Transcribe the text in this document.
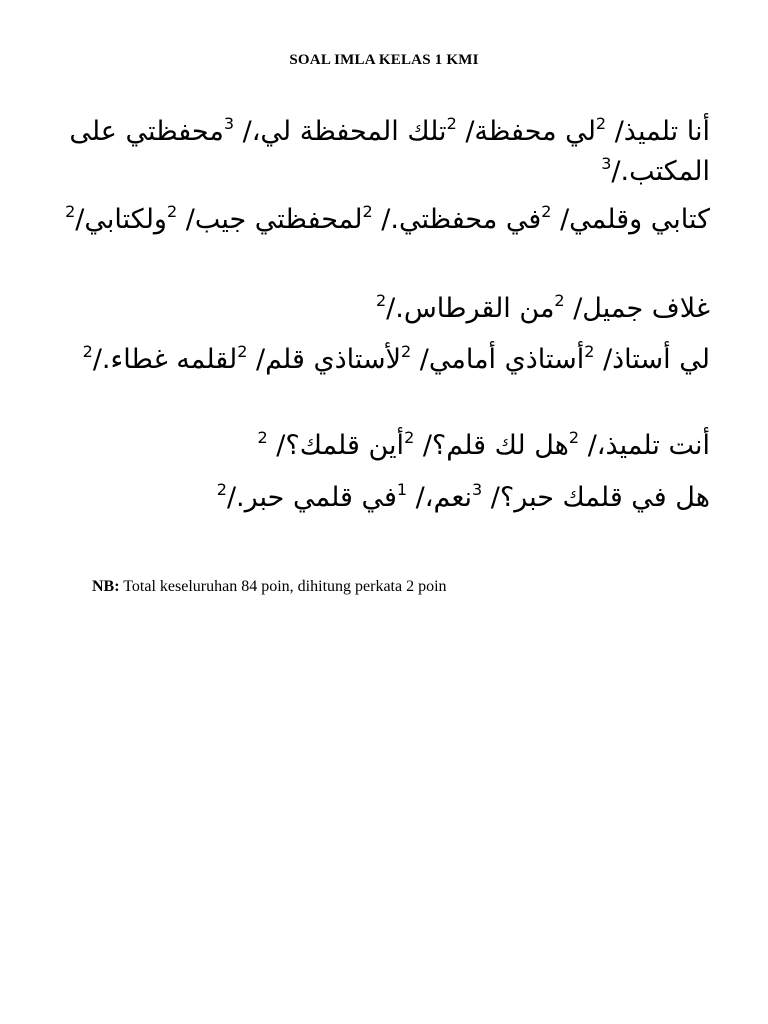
SOAL IMLA KELAS 1 KMI
أنا تلميذ/ $^2$لي محفظة/ $^2$تلك المحفظة لي،/ $^3$محفظتي على المكتب./$^3$
كتابي وقلمي/ $^2$في محفظتي./ $^2$لمحفظتي جيب/ $^2$ولكتابي/$^2$
غلاف جميل/ $^2$من القرطاس./$^2$
لي أستاذ/ $^2$أستاذي أمامي/ $^2$لأستاذي قلم/ $^2$لقلمه غطاء./$^2$
أنت تلميذ،/ $^2$هل لك قلم؟/ $^2$أين قلمك؟/ $^2$
هل في قلمك حبر؟/ $^3$نعم،/ $^1$في قلمي حبر./$^2$
NB: Total keseluruhan 84 poin, dihitung perkata 2 poin
